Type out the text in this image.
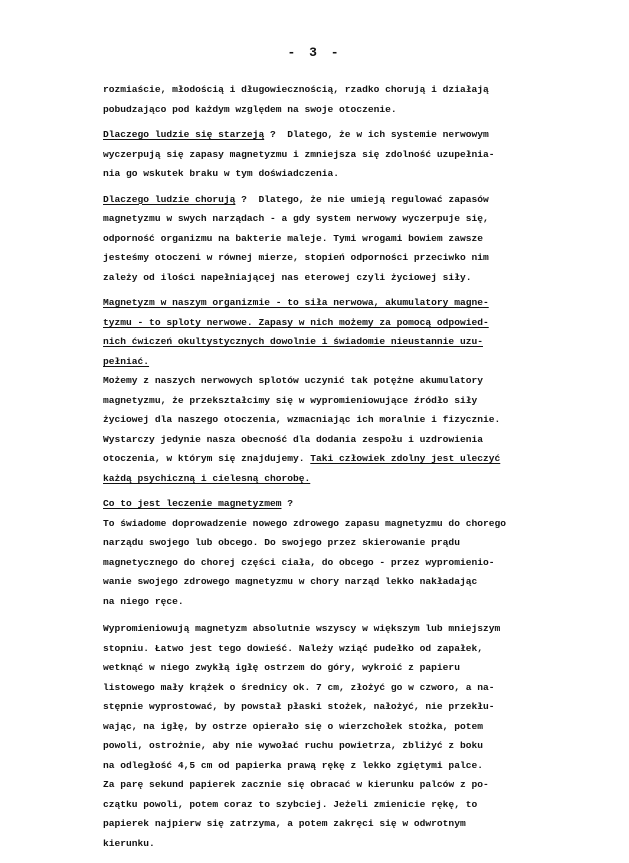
- 3 -
rozmiaście, młodością i długowiecznością, rzadko chorują i działają
pobudzająco pod każdym względem na swoje otoczenie.
Dlaczego ludzie się starzeją ?  Dlatego, że w ich systemie nerwowym
wyczerpują się zapasy magnetyzmu i zmniejsza się zdolność uzupełnia-
nia go wskutek braku w tym doświadczenia.
Dlaczego ludzie chorują ?  Dlatego, że nie umieją regulować zapasów
magnetyzmu w swych narządach - a gdy system nerwowy wyczerpuje się,
odporność organizmu na bakterie maleje. Tymi wrogami bowiem zawsze
jesteśmy otoczeni w równej mierze, stopień odporności przeciwko nim
zależy od ilości napełniającej nas eterowej czyli życiowej siły.
Magnetyzm w naszym organizmie - to siła nerwowa, akumulatory magne-
tyzmu - to sploty nerwowe. Zapasy w nich możemy za pomocą odpowied-
nich ćwiczeń okultystycznych dowolnie i świadomie nieustannie uzu-
pełniać.
Możemy z naszych nerwowych splotów uczynić tak potężne akumulatory
magnetyzmu, że przekształcimy się w wypromieniowujące źródło siły
życiowej dla naszego otoczenia, wzmacniając ich moralnie i fizycznie.
Wystarczy jedynie nasza obecność dla dodania zespołu i uzdrowienia
otoczenia, w którym się znajdujemy. Taki człowiek zdolny jest uleczyć
każdą psychiczną i cielesną chorobę.
Co to jest leczenie magnetyzmem ?
To świadome doprowadzenie nowego zdrowego zapasu magnetyzmu do chorego
narządu swojego lub obcego. Do swojego przez skierowanie prądu
magnetycznego do chorej części ciała, do obcego - przez wypromienio-
wanie swojego zdrowego magnetyzmu w chory narząd lekko nakładając
na niego ręce.
Wypromieniowują magnetyzm absolutnie wszyscy w większym lub mniejszym
stopniu. Łatwo jest tego dowieść. Należy wziąć pudełko od zapałek,
wetknąć w niego zwykłą igłę ostrzem do góry, wykroić z papieru
listowego mały krążek o średnicy ok. 7 cm, złożyć go w czworo, a na-
stępnie wyprostować, by powstał płaski stożek, nałożyć, nie przekłu-
wając, na igłę, by ostrze opierało się o wierzchołek stożka, potem
powoli, ostrożnie, aby nie wywołać ruchu powietrza, zbliżyć z boku
na odległość 4,5 cm od papierka prawą rękę z lekko zgiętymi palce.
Za parę sekund papierek zacznie się obracać w kierunku palców z po-
czątku powoli, potem coraz to szybciej. Jeżeli zmienicie rękę, to
papierek najpierw się zatrzyma, a potem zakręci się w odwrotnym
kierunku.
